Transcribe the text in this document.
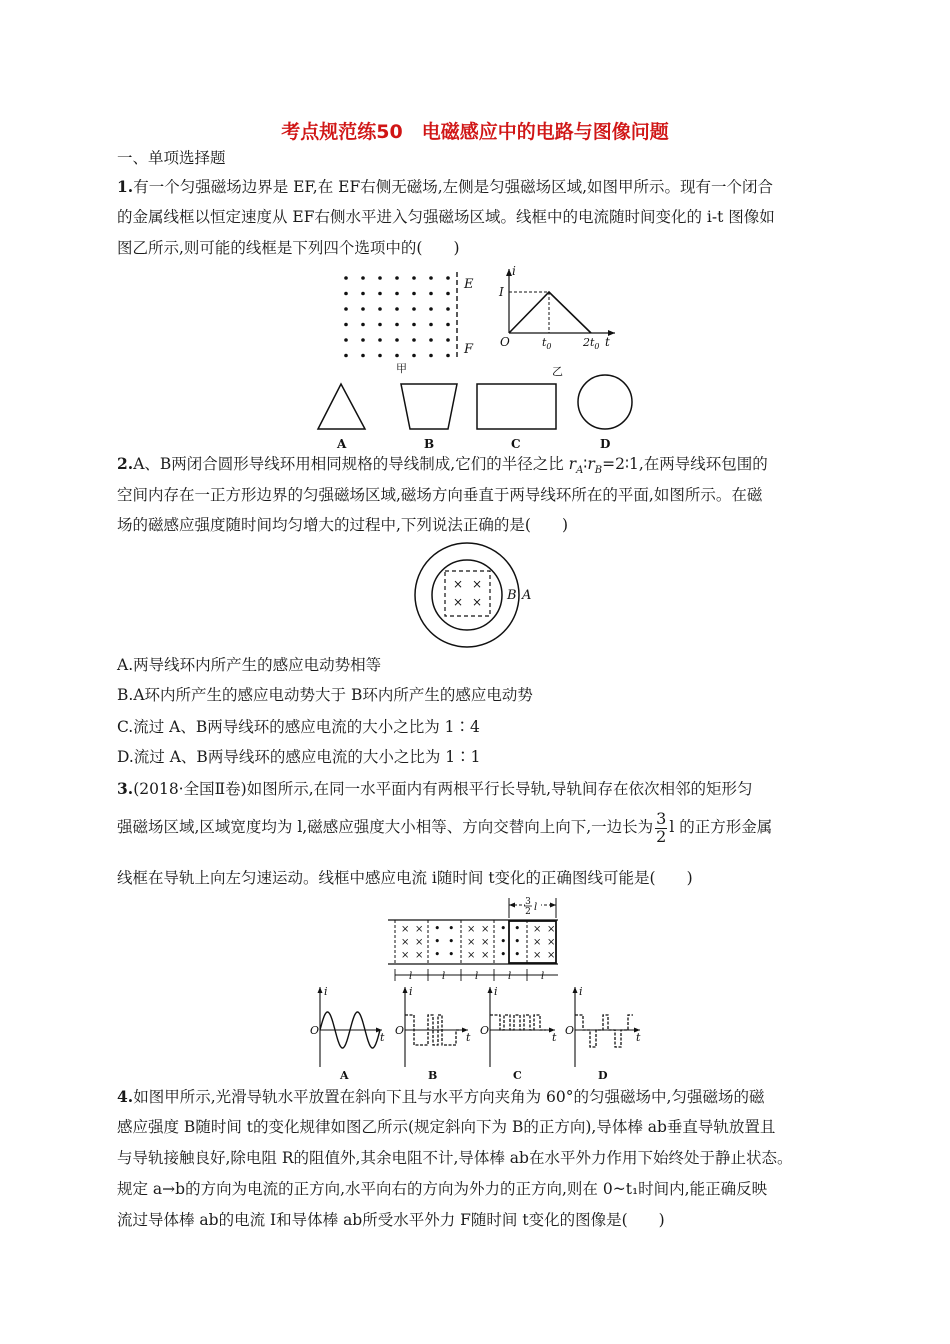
考点规范练50　电磁感应中的电路与图像问题
一、单项选择题
1.有一个匀强磁场边界是 EF,在 EF右侧无磁场,左侧是匀强磁场区域,如图甲所示。现有一个闭合
的金属线框以恒定速度从 EF右侧水平进入匀强磁场区域。线框中的电流随时间变化的 i-t 图像如
图乙所示,则可能的线框是下列四个选项中的(　　)
E
F
甲
i
I
O	$t_0$	$2t_0$ t
乙
A	B	C	D
2.A、B两闭合圆形导线环用相同规格的导线制成,它们的半径之比 $r_A∶r_B=2∶1$,在两导线环包围的
空间内存在一正方形边界的匀强磁场区域,磁场方向垂直于两导线环所在的平面,如图所示。在磁
场的磁感应强度随时间均匀增大的过程中,下列说法正确的是(　　)
× ×
× × B A
A.两导线环内所产生的感应电动势相等
B.A环内所产生的感应电动势大于 B环内所产生的感应电动势
C.流过 A、B两导线环的感应电流的大小之比为 1∶4
D.流过 A、B两导线环的感应电流的大小之比为 1∶1
3.(2018·全国Ⅱ卷)如图所示,在同一水平面内有两根平行长导轨,导轨间存在依次相邻的矩形匀
强磁场区域,区域宽度均为 l,磁感应强度大小相等、方向交替向上向下,一边长为 $\frac{3}{2}$ l 的正方形金属
线框在导轨上向左匀速运动。线框中感应电流 i随时间 t变化的正确图线可能是(　　)
× ×
× ×
× ×
• •
• •
• •
× ×
× ×
× ×
• •
• •
• •
× ×
× ×
× ×
3
2 l
l	l	l	l	l
i
O
t
A
i
O
t
B
i
O
t
C
i
O
t
D
4.如图甲所示,光滑导轨水平放置在斜向下且与水平方向夹角为 60°的匀强磁场中,匀强磁场的磁
感应强度 B随时间 t的变化规律如图乙所示(规定斜向下为 B的正方向),导体棒 ab垂直导轨放置且
与导轨接触良好,除电阻 R的阻值外,其余电阻不计,导体棒 ab在水平外力作用下始终处于静止状态。
规定 a→b的方向为电流的正方向,水平向右的方向为外力的正方向,则在 0~t₁时间内,能正确反映
流过导体棒 ab的电流 I和导体棒 ab所受水平外力 F随时间 t变化的图像是(　　)
